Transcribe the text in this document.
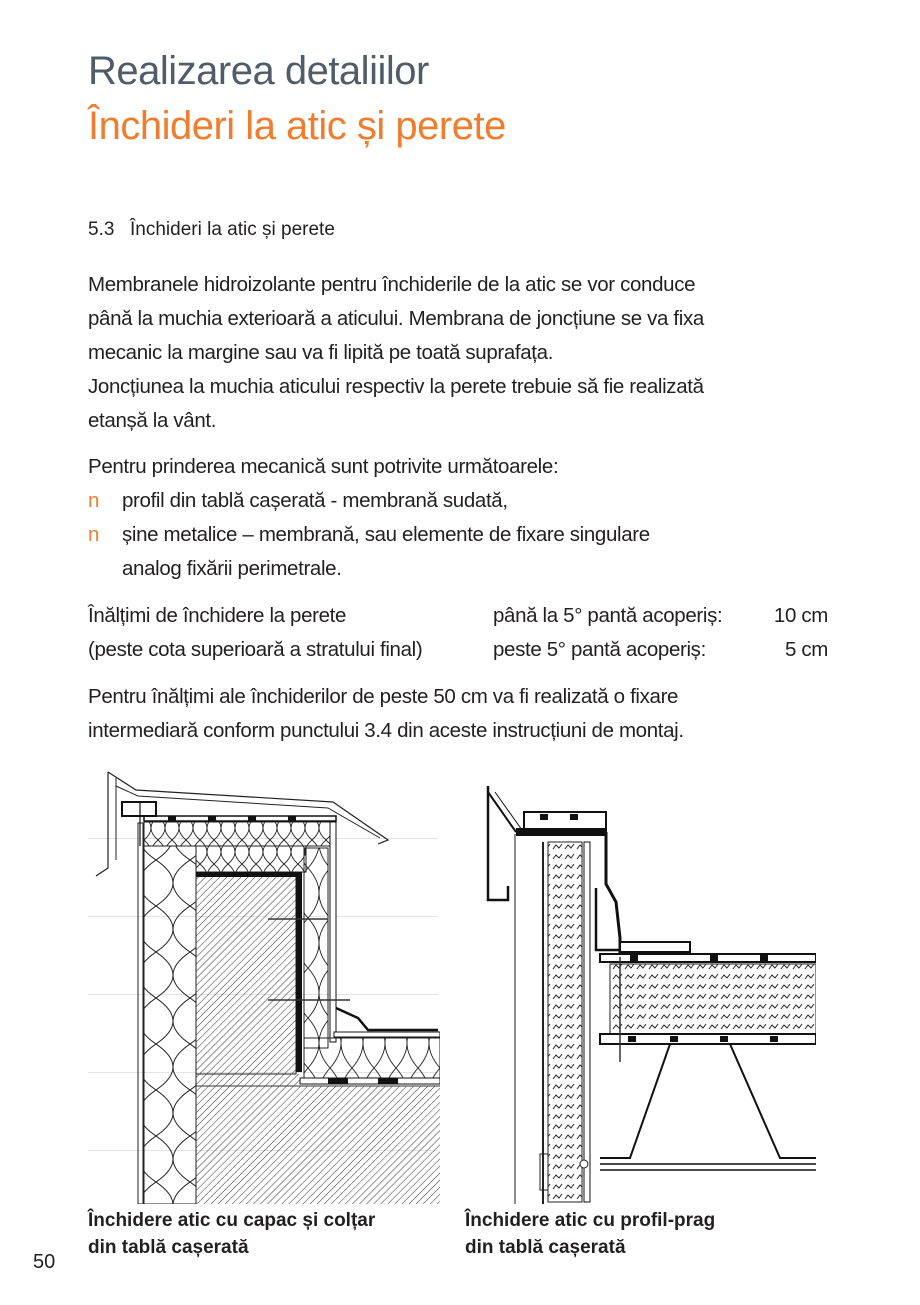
Realizarea detaliilor
Închideri la atic și perete
5.3 Închideri la atic și perete
Membranele hidroizolante pentru închiderile de la atic se vor conduce
până la muchia exterioară a aticului. Membrana de joncțiune se va fixa
mecanic la margine sau va fi lipită pe toată suprafața.
Joncțiunea la muchia aticului respectiv la perete trebuie să fie realizată
etanșă la vânt.

Pentru prinderea mecanică sunt potrivite următoarele:

n profil din tablă cașerată - membrană sudată,
n șine metalice – membrană, sau elemente de fixare singulare
analog fixării perimetrale.
Înălțimi de închidere la perete	până la 5° pantă acoperiș:	10 cm
(peste cota superioară a stratului final)	peste 5° pantă acoperiș:	5 cm
Pentru înălțimi ale închiderilor de peste 50 cm va fi realizată o fixare
intermediară conform punctului 3.4 din aceste instrucțiuni de montaj.
Închidere atic cu capac și colțar
din tablă cașerată
Închidere atic cu profil-prag
din tablă cașerată
50
